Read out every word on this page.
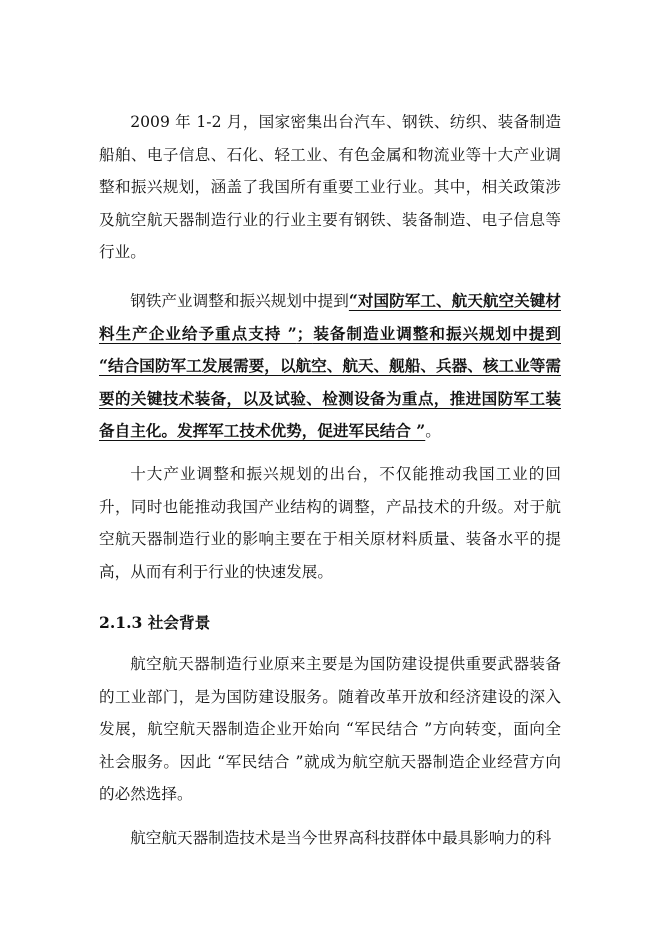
2009 年 1-2 月，国家密集出台汽车、钢铁、纺织、装备制造船舶、电子信息、石化、轻工业、有色金属和物流业等十大产业调整和振兴规划，涵盖了我国所有重要工业行业。其中，相关政策涉及航空航天器制造行业的行业主要有钢铁、装备制造、电子信息等行业。

钢铁产业调整和振兴规划中提到“对国防军工、航天航空关键材料生产企业给予重点支持 ”；装备制造业调整和振兴规划中提到 “结合国防军工发展需要，以航空、航天、舰船、兵器、核工业等需要的关键技术装备，以及试验、检测设备为重点，推进国防军工装备自主化。发挥军工技术优势，促进军民结合 ”。

十大产业调整和振兴规划的出台，不仅能推动我国工业的回升，同时也能推动我国产业结构的调整，产品技术的升级。对于航空航天器制造行业的影响主要在于相关原材料质量、装备水平的提高，从而有利于行业的快速发展。

2.1.3 社会背景

航空航天器制造行业原来主要是为国防建设提供重要武器装备的工业部门，是为国防建设服务。随着改革开放和经济建设的深入发展，航空航天器制造企业开始向 “军民结合 ”方向转变，面向全社会服务。因此 “军民结合 ”就成为航空航天器制造企业经营方向的必然选择。

航空航天器制造技术是当今世界高科技群体中最具影响力的科
